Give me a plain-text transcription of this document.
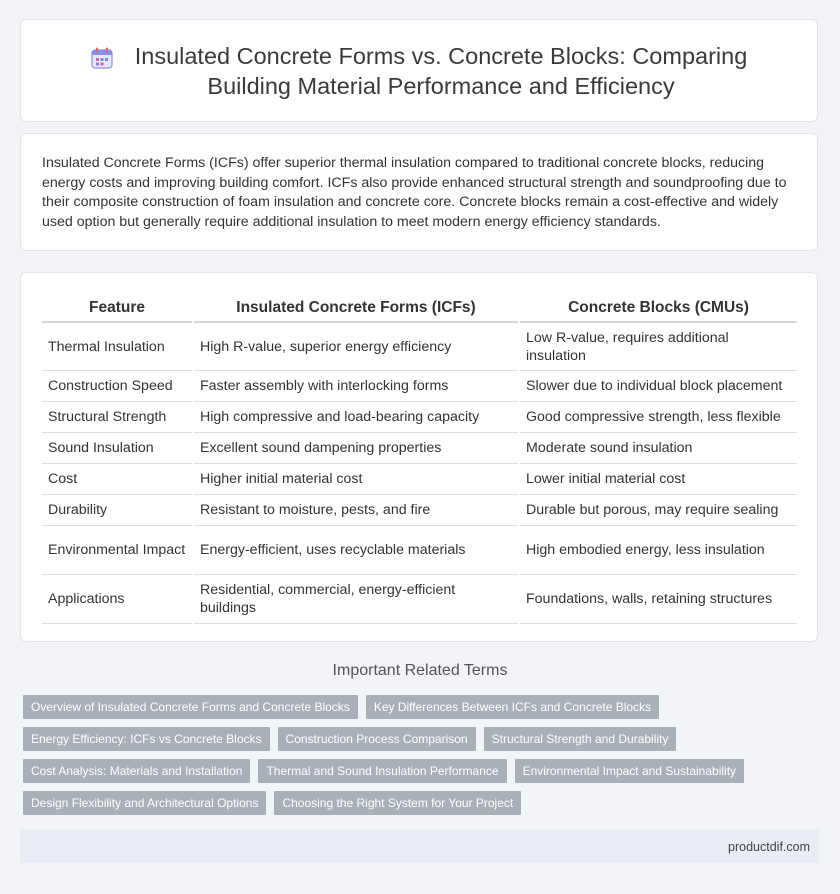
Insulated Concrete Forms vs. Concrete Blocks: Comparing
Building Material Performance and Efficiency

Insulated Concrete Forms (ICFs) offer superior thermal insulation compared to traditional concrete blocks, reducing energy costs and improving building comfort. ICFs also provide enhanced structural strength and soundproofing due to their composite construction of foam insulation and concrete core. Concrete blocks remain a cost-effective and widely used option but generally require additional insulation to meet modern energy efficiency standards.

Feature	Insulated Concrete Forms (ICFs)	Concrete Blocks (CMUs)
Thermal Insulation	High R-value, superior energy efficiency	Low R-value, requires additional insulation
Construction Speed	Faster assembly with interlocking forms	Slower due to individual block placement
Structural Strength	High compressive and load-bearing capacity	Good compressive strength, less flexible
Sound Insulation	Excellent sound dampening properties	Moderate sound insulation
Cost	Higher initial material cost	Lower initial material cost
Durability	Resistant to moisture, pests, and fire	Durable but porous, may require sealing
Environmental Impact	Energy-efficient, uses recyclable materials	High embodied energy, less insulation
Applications	Residential, commercial, energy-efficient buildings	Foundations, walls, retaining structures
Important Related Terms
Overview of Insulated Concrete Forms and Concrete Blocks	Key Differences Between ICFs and Concrete Blocks
Energy Efficiency: ICFs vs Concrete Blocks	Construction Process Comparison	Structural Strength and Durability
Cost Analysis: Materials and Installation	Thermal and Sound Insulation Performance	Environmental Impact and Sustainability
Design Flexibility and Architectural Options	Choosing the Right System for Your Project
productdif.com
